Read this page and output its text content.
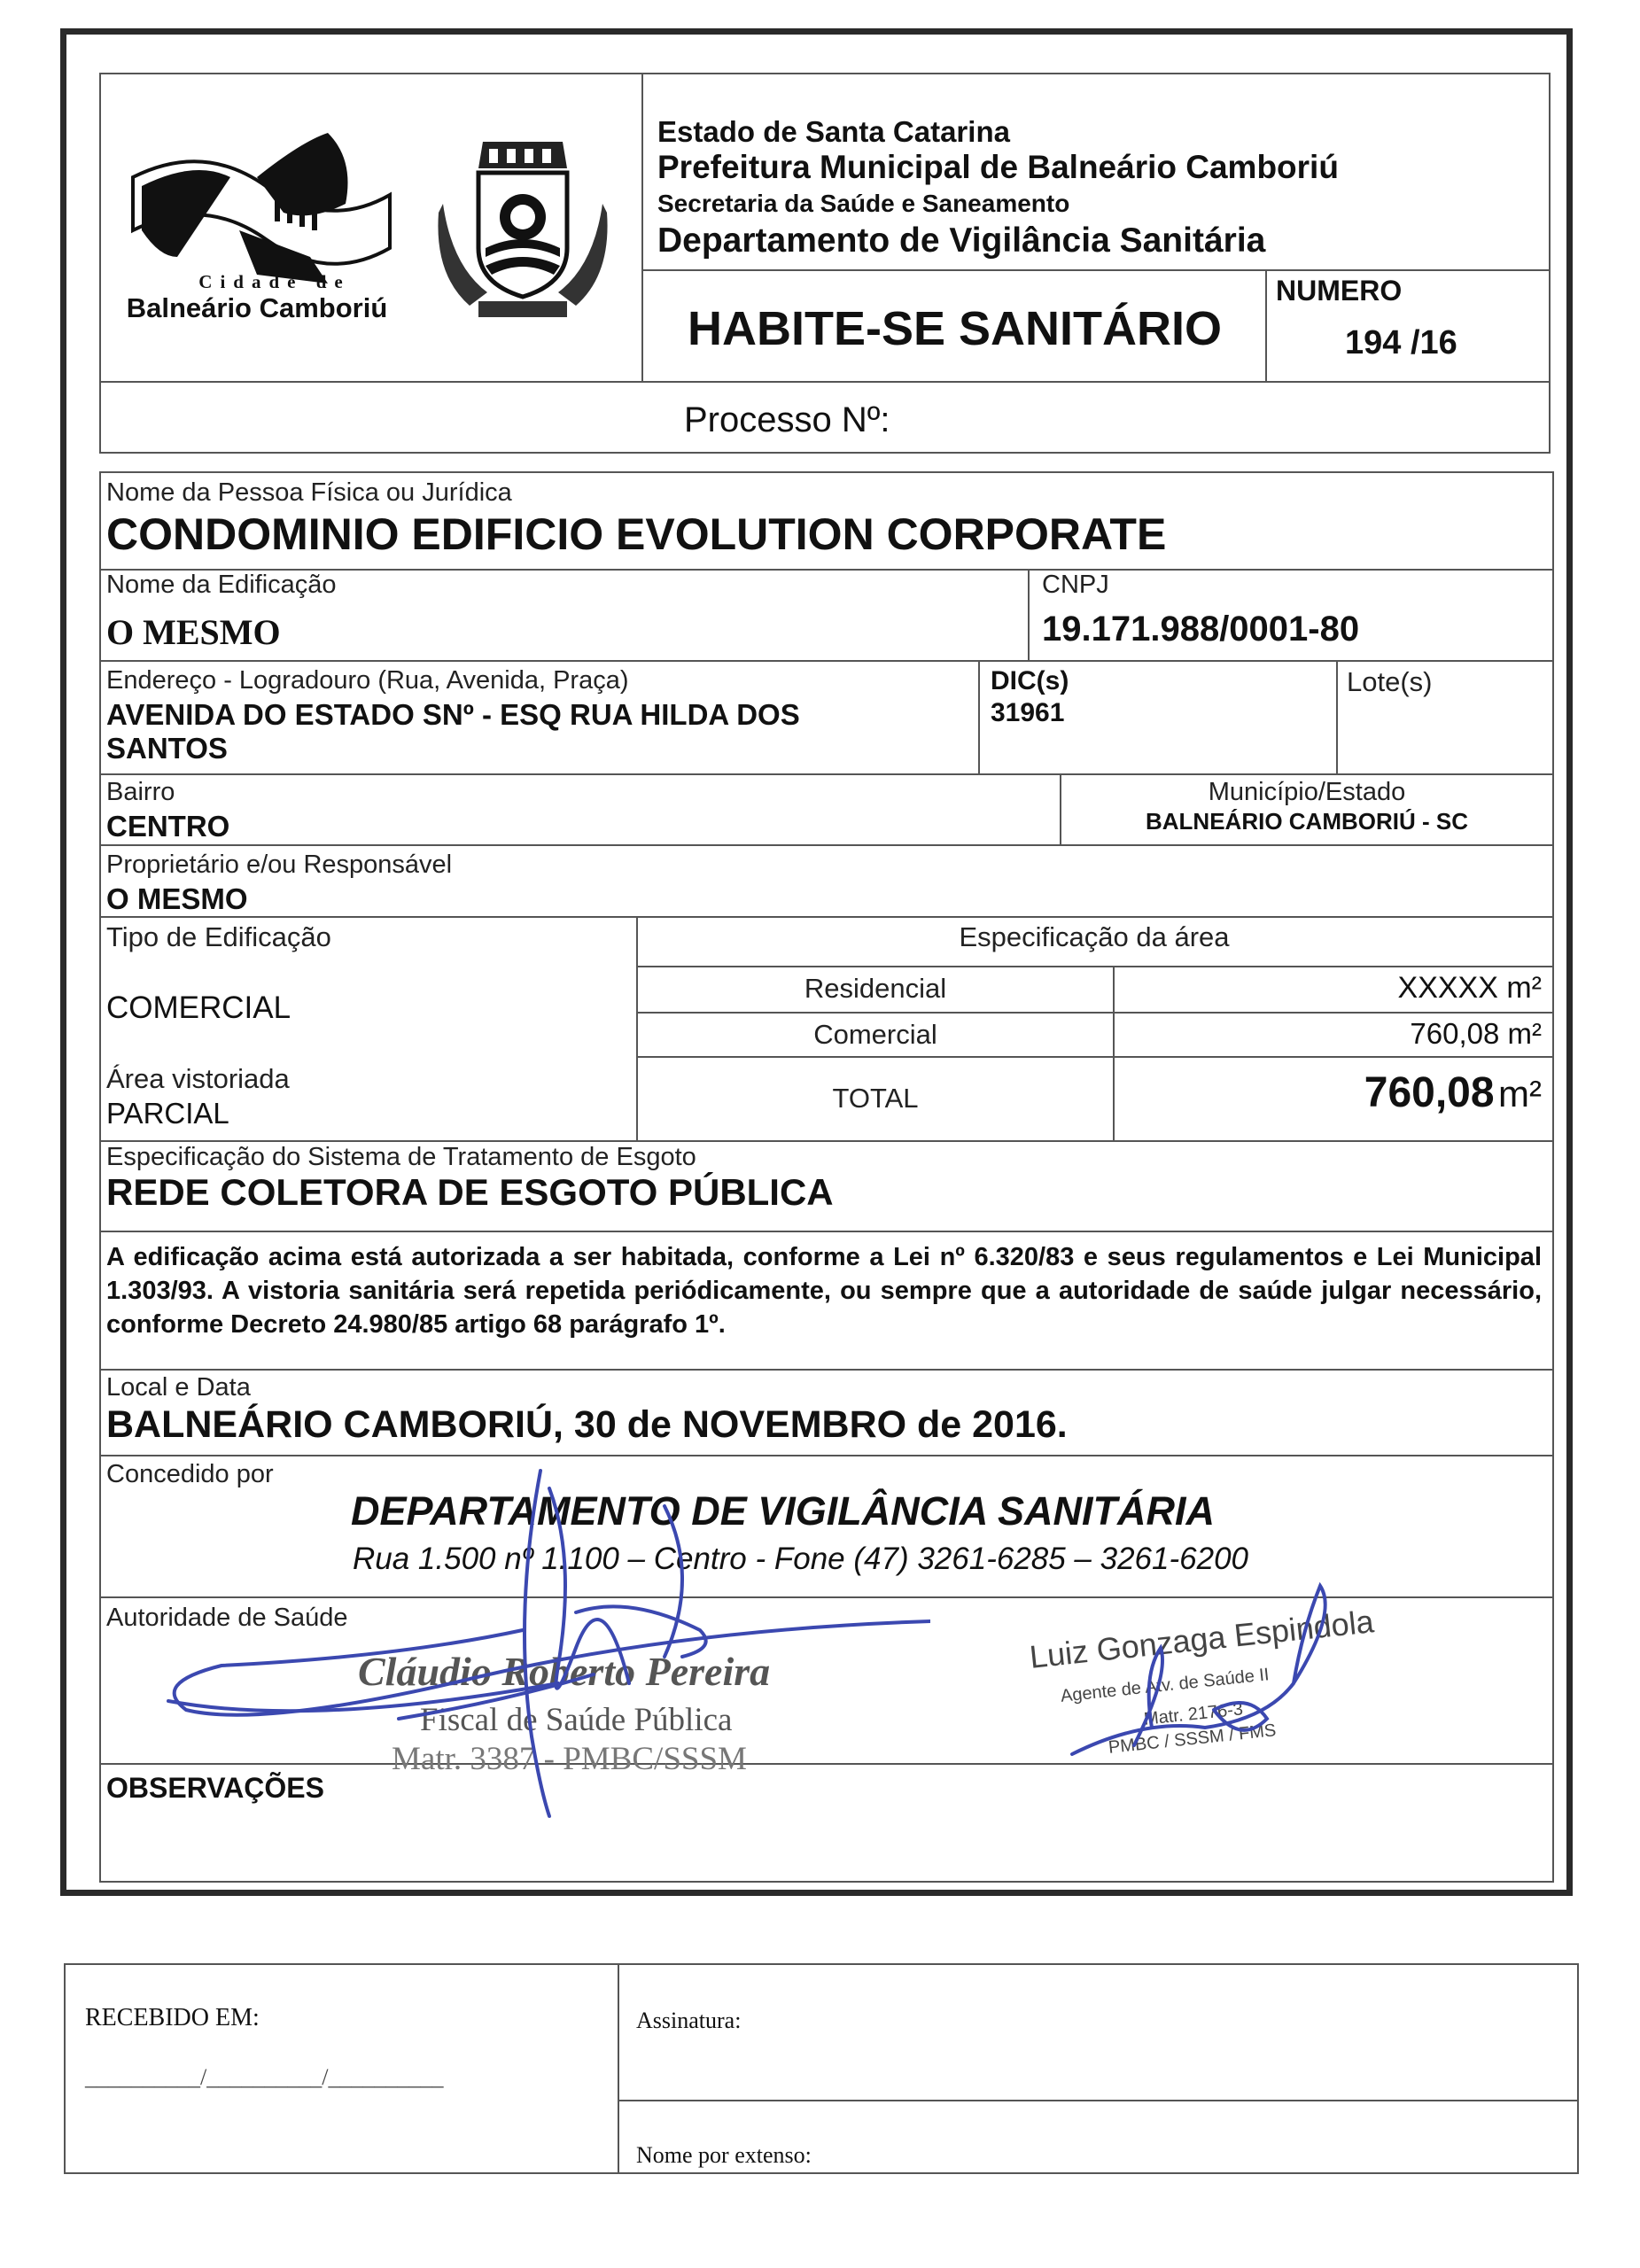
Cidade de
Balneário Camboriú
Estado de Santa Catarina
Prefeitura Municipal de Balneário Camboriú
Secretaria da Saúde e Saneamento
Departamento de Vigilância Sanitária
HABITE-SE SANITÁRIO
NUMERO
194 /16
Processo Nº:
Nome da Pessoa Física ou Jurídica
CONDOMINIO EDIFICIO EVOLUTION CORPORATE
Nome da Edificação
O MESMO
CNPJ
19.171.988/0001-80
Endereço - Logradouro (Rua, Avenida, Praça)
AVENIDA DO ESTADO SNº - ESQ RUA HILDA DOS
SANTOS
DIC(s)
31961
Lote(s)
Bairro
CENTRO
Município/Estado
BALNEÁRIO CAMBORIÚ - SC
Proprietário e/ou Responsável
O MESMO
Tipo de Edificação
COMERCIAL
Área vistoriada
PARCIAL
Especificação da área
Residencial	XXXXX m²
Comercial	760,08 m²
TOTAL	760,08 m²
Especificação do Sistema de Tratamento de Esgoto
REDE COLETORA DE ESGOTO PÚBLICA
A edificação acima está autorizada a ser habitada, conforme a Lei nº 6.320/83 e seus regulamentos e Lei Municipal 1.303/93. A vistoria sanitária será repetida periódicamente, ou sempre que a autoridade de saúde julgar necessário, conforme Decreto 24.980/85 artigo 68 parágrafo 1º.
Local e Data
BALNEÁRIO CAMBORIÚ, 30 de NOVEMBRO de 2016.
Concedido por
DEPARTAMENTO DE VIGILÂNCIA SANITÁRIA
Rua 1.500 nº 1.100 – Centro - Fone (47) 3261-6285 – 3261-6200
Autoridade de Saúde
Cláudio Roberto Pereira
Fiscal de Saúde Pública
Matr. 3387 - PMBC/SSSM
Luiz Gonzaga Espindola
Agente de Atv. de Saúde II
Matr. 2176-3
PMBC / SSSM / FMS
OBSERVAÇÕES
RECEBIDO EM:
__________/__________/__________
Assinatura:
Nome por extenso:
